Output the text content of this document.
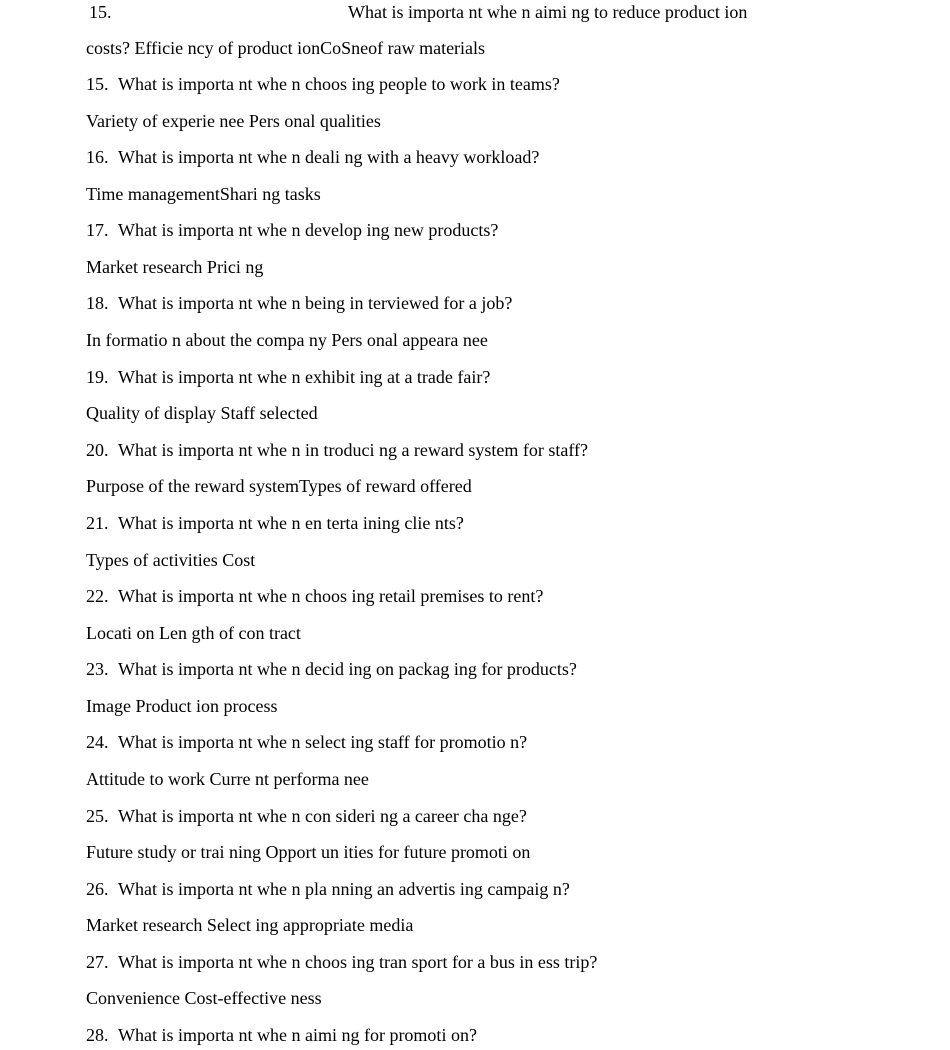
15.	What is importa nt whe n aimi ng to reduce product ion
costs? Efficie ncy of product ionCoSneof raw materials
15. What is importa nt whe n choos ing people to work in teams?
Variety of experie nee Pers onal qualities
16. What is importa nt whe n deali ng with a heavy workload?
Time managementShari ng tasks
17. What is importa nt whe n develop ing new products?
Market research Prici ng
18. What is importa nt whe n being in terviewed for a job?
In formatio n about the compa ny Pers onal appeara nee
19. What is importa nt whe n exhibit ing at a trade fair?
Quality of display Staff selected
20. What is importa nt whe n in troduci ng a reward system for staff?
Purpose of the reward systemTypes of reward offered
21. What is importa nt whe n en terta ining clie nts?
Types of activities Cost
22. What is importa nt whe n choos ing retail premises to rent?
Locati on Len gth of con tract
23. What is importa nt whe n decid ing on packag ing for products?
Image Product ion process
24. What is importa nt whe n select ing staff for promotio n?
Attitude to work Curre nt performa nee
25. What is importa nt whe n con sideri ng a career cha nge?
Future study or trai ning Opport un ities for future promoti on
26. What is importa nt whe n pla nning an advertis ing campaig n?
Market research Select ing appropriate media
27. What is importa nt whe n choos ing tran sport for a bus in ess trip?
Convenience Cost-effective ness
28. What is importa nt whe n aimi ng for promoti on?
